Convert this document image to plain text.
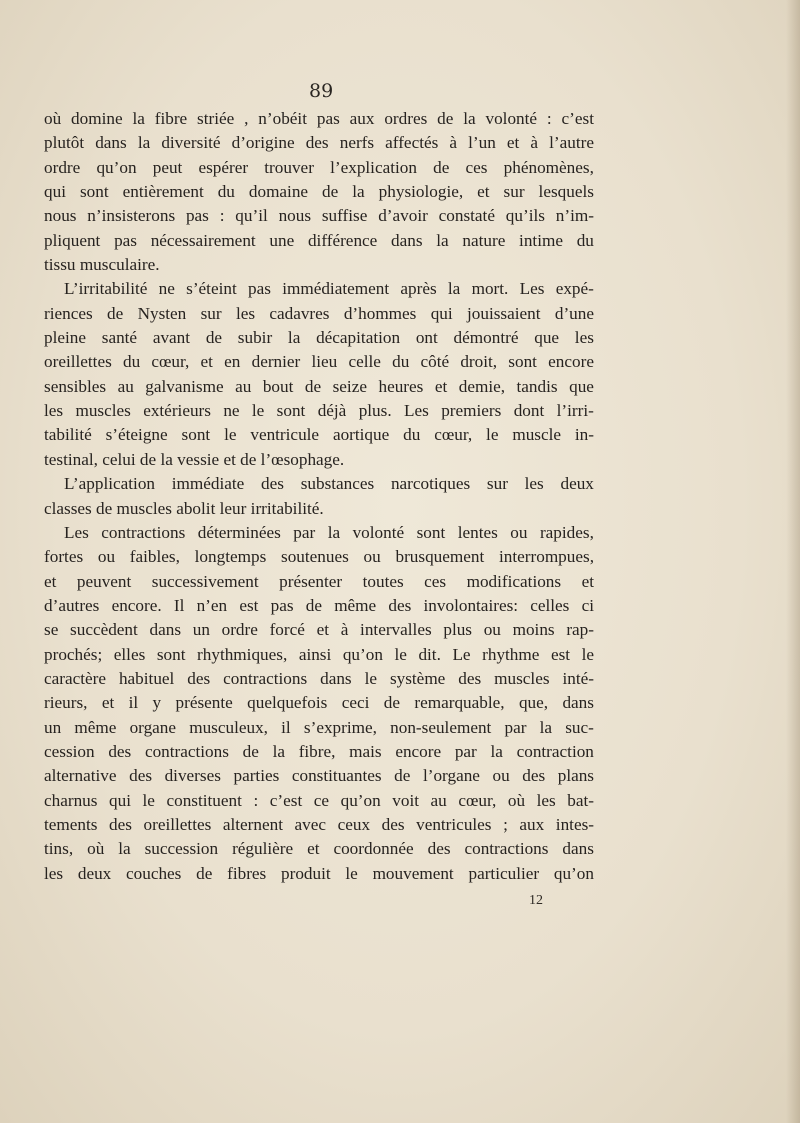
89
où domine la fibre striée , n’obéit pas aux ordres de la volonté : c’est
plutôt dans la diversité d’origine des nerfs affectés à l’un et à l’autre
ordre qu’on peut espérer trouver l’explication de ces phénomènes,
qui sont entièrement du domaine de la physiologie, et sur lesquels
nous n’insisterons pas : qu’il nous suffise d’avoir constaté qu’ils n’im-
pliquent pas nécessairement une différence dans la nature intime du
tissu musculaire.
L’irritabilité ne s’éteint pas immédiatement après la mort. Les expé-
riences de Nysten sur les cadavres d’hommes qui jouissaient d’une
pleine santé avant de subir la décapitation ont démontré que les
oreillettes du cœur, et en dernier lieu celle du côté droit, sont encore
sensibles au galvanisme au bout de seize heures et demie, tandis que
les muscles extérieurs ne le sont déjà plus. Les premiers dont l’irri-
tabilité s’éteigne sont le ventricule aortique du cœur, le muscle in-
testinal, celui de la vessie et de l’œsophage.
L’application immédiate des substances narcotiques sur les deux
classes de muscles abolit leur irritabilité.
Les contractions déterminées par la volonté sont lentes ou rapides,
fortes ou faibles, longtemps soutenues ou brusquement interrompues,
et peuvent successivement présenter toutes ces modifications et
d’autres encore. Il n’en est pas de même des involontaires: celles ci
se succèdent dans un ordre forcé et à intervalles plus ou moins rap-
prochés; elles sont rhythmiques, ainsi qu’on le dit. Le rhythme est le
caractère habituel des contractions dans le système des muscles inté-
rieurs, et il y présente quelquefois ceci de remarquable, que, dans
un même organe musculeux, il s’exprime, non-seulement par la suc-
cession des contractions de la fibre, mais encore par la contraction
alternative des diverses parties constituantes de l’organe ou des plans
charnus qui le constituent : c’est ce qu’on voit au cœur, où les bat-
tements des oreillettes alternent avec ceux des ventricules ; aux intes-
tins, où la succession régulière et coordonnée des contractions dans
les deux couches de fibres produit le mouvement particulier qu’on
12
